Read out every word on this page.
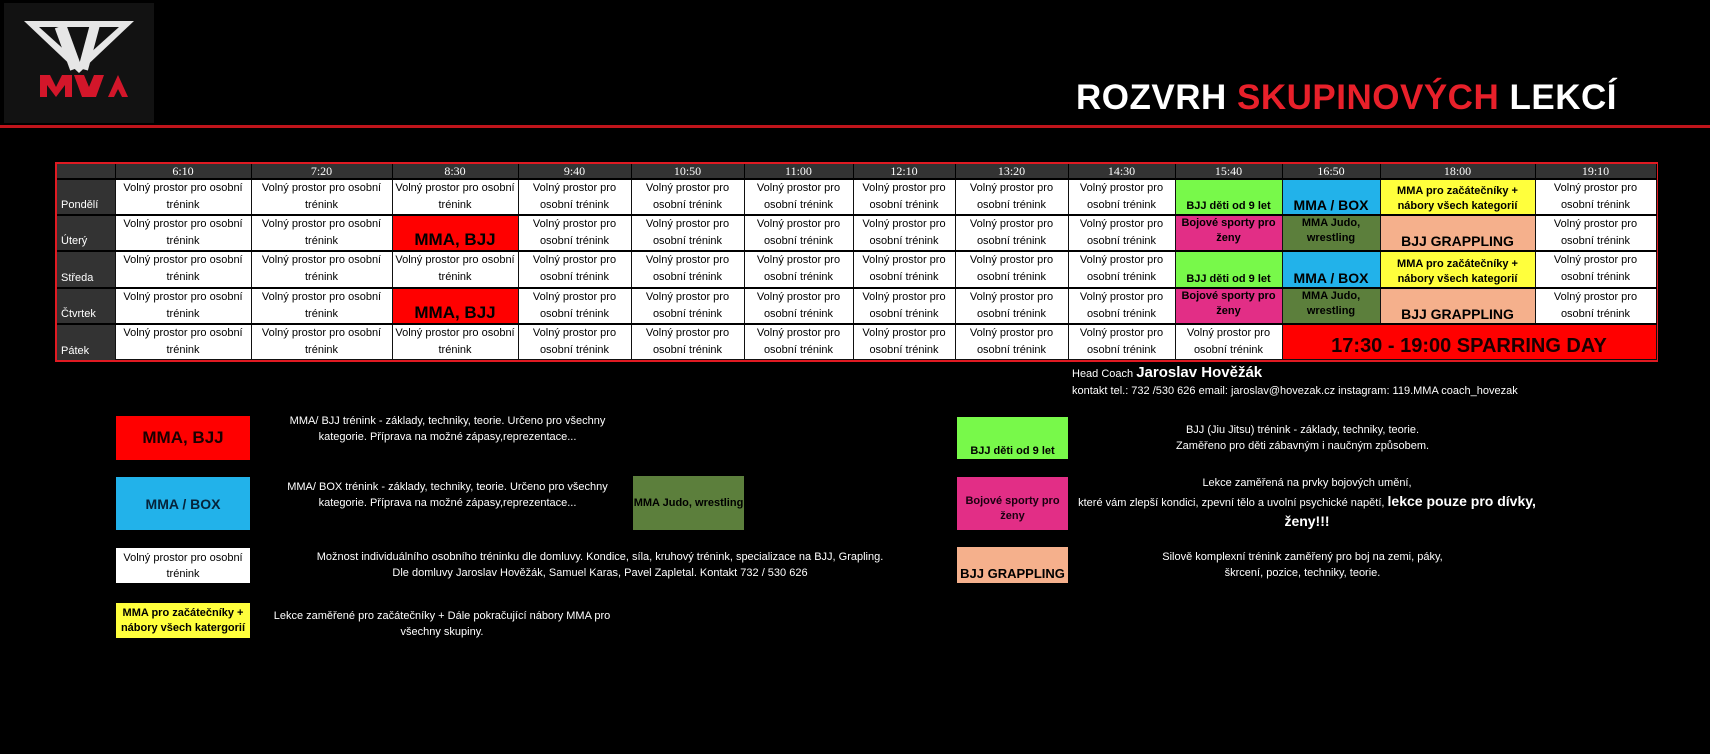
ROZVRH SKUPINOVÝCH LEKCÍ
	6:10	7:20	8:30	9:40	10:50	11:00	12:10	13:20	14:30	15:40	16:50	18:00	19:10
Pondělí	Volný prostor pro osobní trénink	Volný prostor pro osobní trénink	Volný prostor pro osobní trénink	Volný prostor pro osobní trénink	Volný prostor pro osobní trénink	Volný prostor pro osobní trénink	Volný prostor pro osobní trénink	Volný prostor pro osobní trénink	Volný prostor pro osobní trénink	BJJ děti od 9 let	MMA / BOX	MMA pro začátečníky + nábory všech kategorií	Volný prostor pro osobní trénink

Úterý	Volný prostor pro osobní trénink	Volný prostor pro osobní trénink	MMA, BJJ	Volný prostor pro osobní trénink	Volný prostor pro osobní trénink	Volný prostor pro osobní trénink	Volný prostor pro osobní trénink	Volný prostor pro osobní trénink	Volný prostor pro osobní trénink	Bojové sporty pro ženy	MMA Judo, wrestling	BJJ GRAPPLING	Volný prostor pro osobní trénink

Středa	Volný prostor pro osobní trénink	Volný prostor pro osobní trénink	Volný prostor pro osobní trénink	Volný prostor pro osobní trénink	Volný prostor pro osobní trénink	Volný prostor pro osobní trénink	Volný prostor pro osobní trénink	Volný prostor pro osobní trénink	Volný prostor pro osobní trénink	BJJ děti od 9 let	MMA / BOX	MMA pro začátečníky + nábory všech kategorií	Volný prostor pro osobní trénink

Čtvrtek	Volný prostor pro osobní trénink	Volný prostor pro osobní trénink	MMA, BJJ	Volný prostor pro osobní trénink	Volný prostor pro osobní trénink	Volný prostor pro osobní trénink	Volný prostor pro osobní trénink	Volný prostor pro osobní trénink	Volný prostor pro osobní trénink	Bojové sporty pro ženy	MMA Judo, wrestling	BJJ GRAPPLING	Volný prostor pro osobní trénink

Pátek	Volný prostor pro osobní trénink	Volný prostor pro osobní trénink	Volný prostor pro osobní trénink	Volný prostor pro osobní trénink	Volný prostor pro osobní trénink	Volný prostor pro osobní trénink	Volný prostor pro osobní trénink	Volný prostor pro osobní trénink	Volný prostor pro osobní trénink	Volný prostor pro osobní trénink	17:30 - 19:00 SPARRING DAY		
Head Coach Jaroslav Hověžák
kontakt tel.: 732 /530 626 email: jaroslav@hovezak.cz instagram: 119.MMA coach_hovezak
MMA, BJJ
MMA/ BJJ trénink - základy, techniky, teorie. Určeno pro všechny
kategorie. Příprava na možné zápasy,reprezentace...
MMA / BOX
MMA/ BOX trénink - základy, techniky, teorie. Určeno pro všechny
kategorie. Příprava na možné zápasy,reprezentace...	MMA Judo, wrestling
Volný prostor pro osobní trénink
Možnost individuálního osobního tréninku dle domluvy. Kondice, síla, kruhový trénink, specializace na BJJ, Grapling.
Dle domluvy Jaroslav Hověžák, Samuel Karas, Pavel Zapletal. Kontakt 732 / 530 626
MMA pro začátečníky + nábory všech katergorií
Lekce zaměřené pro začátečníky + Dále pokračující nábory MMA pro
všechny skupiny.
BJJ děti od 9 let
BJJ (Jiu Jitsu) trénink - základy, techniky, teorie.
Zaměřeno pro děti zábavným i naučným způsobem.
Bojové sporty pro ženy
Lekce zaměřená na prvky bojových umění,
které vám zlepší kondici, zpevní tělo a uvolní psychické napětí, lekce pouze pro dívky, ženy!!!
BJJ GRAPPLING
Silově komplexní trénink zaměřený pro boj na zemi, páky,
škrcení, pozice, techniky, teorie.
